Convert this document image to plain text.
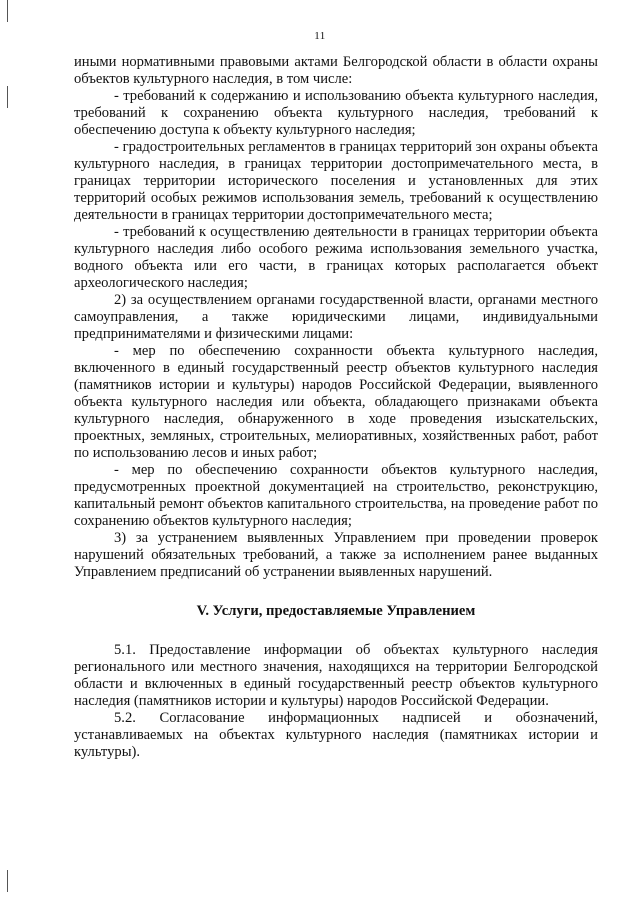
11

иными нормативными правовыми актами Белгородской области в области охраны объектов культурного наследия, в том числе:

- требований к содержанию и использованию объекта культурного наследия, требований к сохранению объекта культурного наследия, требований к обеспечению доступа к объекту культурного наследия;

- градостроительных регламентов в границах территорий зон охраны объекта культурного наследия, в границах территории достопримечательного места, в границах территории исторического поселения и установленных для этих территорий особых режимов использования земель, требований к осуществлению деятельности в границах территории достопримечательного места;

- требований к осуществлению деятельности в границах территории объекта культурного наследия либо особого режима использования земельного участка, водного объекта или его части, в границах которых располагается объект археологического наследия;

2) за осуществлением органами государственной власти, органами местного самоуправления, а также юридическими лицами, индивидуальными предпринимателями и физическими лицами:

- мер по обеспечению сохранности объекта культурного наследия, включенного в единый государственный реестр объектов культурного наследия (памятников истории и культуры) народов Российской Федерации, выявленного объекта культурного наследия или объекта, обладающего признаками объекта культурного наследия, обнаруженного в ходе проведения изыскательских, проектных, земляных, строительных, мелиоративных, хозяйственных работ, работ по использованию лесов и иных работ;

- мер по обеспечению сохранности объектов культурного наследия, предусмотренных проектной документацией на строительство, реконструкцию, капитальный ремонт объектов капитального строительства, на проведение работ по сохранению объектов культурного наследия;

3) за устранением выявленных Управлением при проведении проверок нарушений обязательных требований, а также за исполнением ранее выданных Управлением предписаний об устранении выявленных нарушений.

V. Услуги, предоставляемые Управлением

5.1. Предоставление информации об объектах культурного наследия регионального или местного значения, находящихся на территории Белгородской области и включенных в единый государственный реестр объектов культурного наследия (памятников истории и культуры) народов Российской Федерации.

5.2. Согласование информационных надписей и обозначений, устанавливаемых на объектах культурного наследия (памятниках истории и культуры).
